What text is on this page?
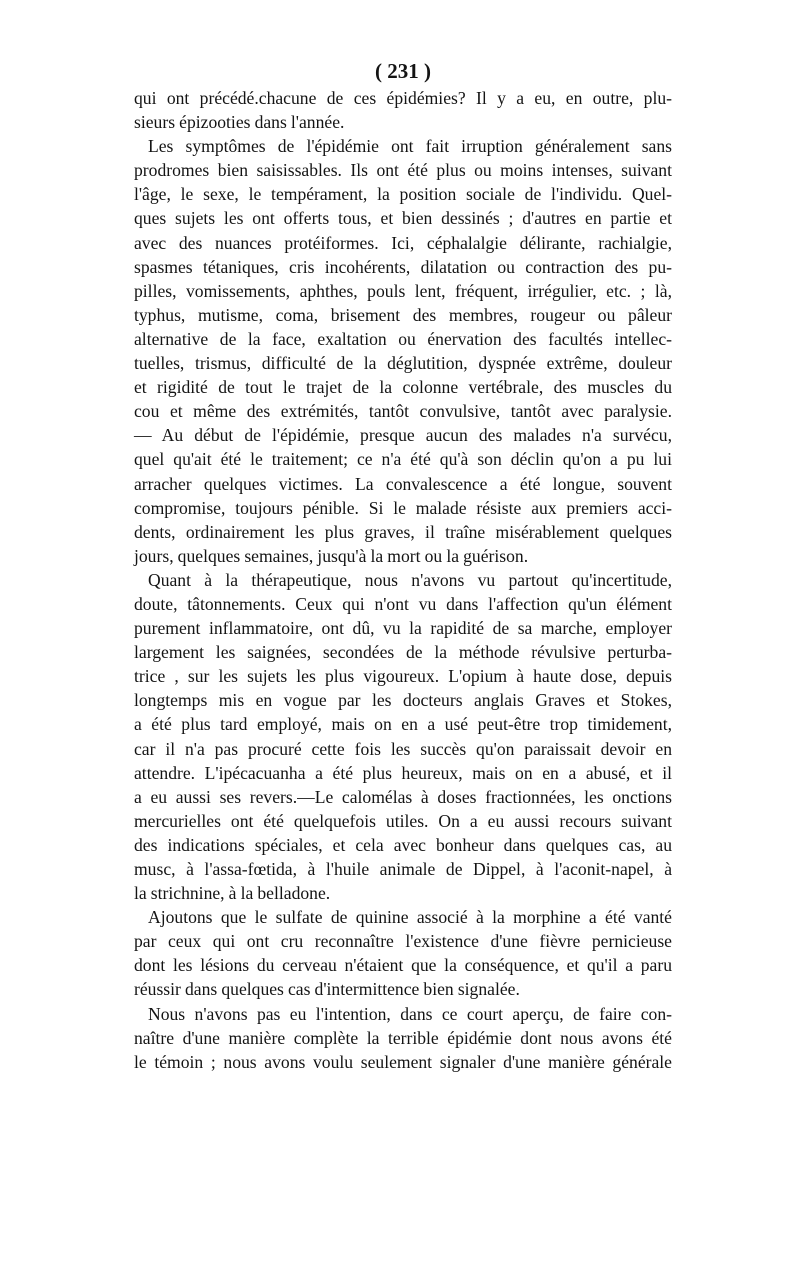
( 231 )
qui ont précédé.chacune de ces épidémies? Il y a eu, en outre, plu-
sieurs épizooties dans l'année.
Les symptômes de l'épidémie ont fait irruption généralement sans
prodromes bien saisissables. Ils ont été plus ou moins intenses, suivant
l'âge, le sexe, le tempérament, la position sociale de l'individu. Quel-
ques sujets les ont offerts tous, et bien dessinés ; d'autres en partie et
avec des nuances protéiformes. Ici, céphalalgie délirante, rachialgie,
spasmes tétaniques, cris incohérents, dilatation ou contraction des pu-
pilles, vomissements, aphthes, pouls lent, fréquent, irrégulier, etc. ; là,
typhus, mutisme, coma, brisement des membres, rougeur ou pâleur
alternative de la face, exaltation ou énervation des facultés intellec-
tuelles, trismus, difficulté de la déglutition, dyspnée extrême, douleur
et rigidité de tout le trajet de la colonne vertébrale, des muscles du
cou et même des extrémités, tantôt convulsive, tantôt avec paralysie.
— Au début de l'épidémie, presque aucun des malades n'a survécu,
quel qu'ait été le traitement; ce n'a été qu'à son déclin qu'on a pu lui
arracher quelques victimes. La convalescence a été longue, souvent
compromise, toujours pénible. Si le malade résiste aux premiers acci-
dents, ordinairement les plus graves, il traîne misérablement quelques
jours, quelques semaines, jusqu'à la mort ou la guérison.
Quant à la thérapeutique, nous n'avons vu partout qu'incertitude,
doute, tâtonnements. Ceux qui n'ont vu dans l'affection qu'un élément
purement inflammatoire, ont dû, vu la rapidité de sa marche, employer
largement les saignées, secondées de la méthode révulsive perturba-
trice , sur les sujets les plus vigoureux. L'opium à haute dose, depuis
longtemps mis en vogue par les docteurs anglais Graves et Stokes,
a été plus tard employé, mais on en a usé peut-être trop timidement,
car il n'a pas procuré cette fois les succès qu'on paraissait devoir en
attendre. L'ipécacuanha a été plus heureux, mais on en a abusé, et il
a eu aussi ses revers.—Le calomélas à doses fractionnées, les onctions
mercurielles ont été quelquefois utiles. On a eu aussi recours suivant
des indications spéciales, et cela avec bonheur dans quelques cas, au
musc, à l'assa-fœtida, à l'huile animale de Dippel, à l'aconit-napel, à
la strichnine, à la belladone.
Ajoutons que le sulfate de quinine associé à la morphine a été vanté
par ceux qui ont cru reconnaître l'existence d'une fièvre pernicieuse
dont les lésions du cerveau n'étaient que la conséquence, et qu'il a paru
réussir dans quelques cas d'intermittence bien signalée.
Nous n'avons pas eu l'intention, dans ce court aperçu, de faire con-
naître d'une manière complète la terrible épidémie dont nous avons été
le témoin ; nous avons voulu seulement signaler d'une manière générale
